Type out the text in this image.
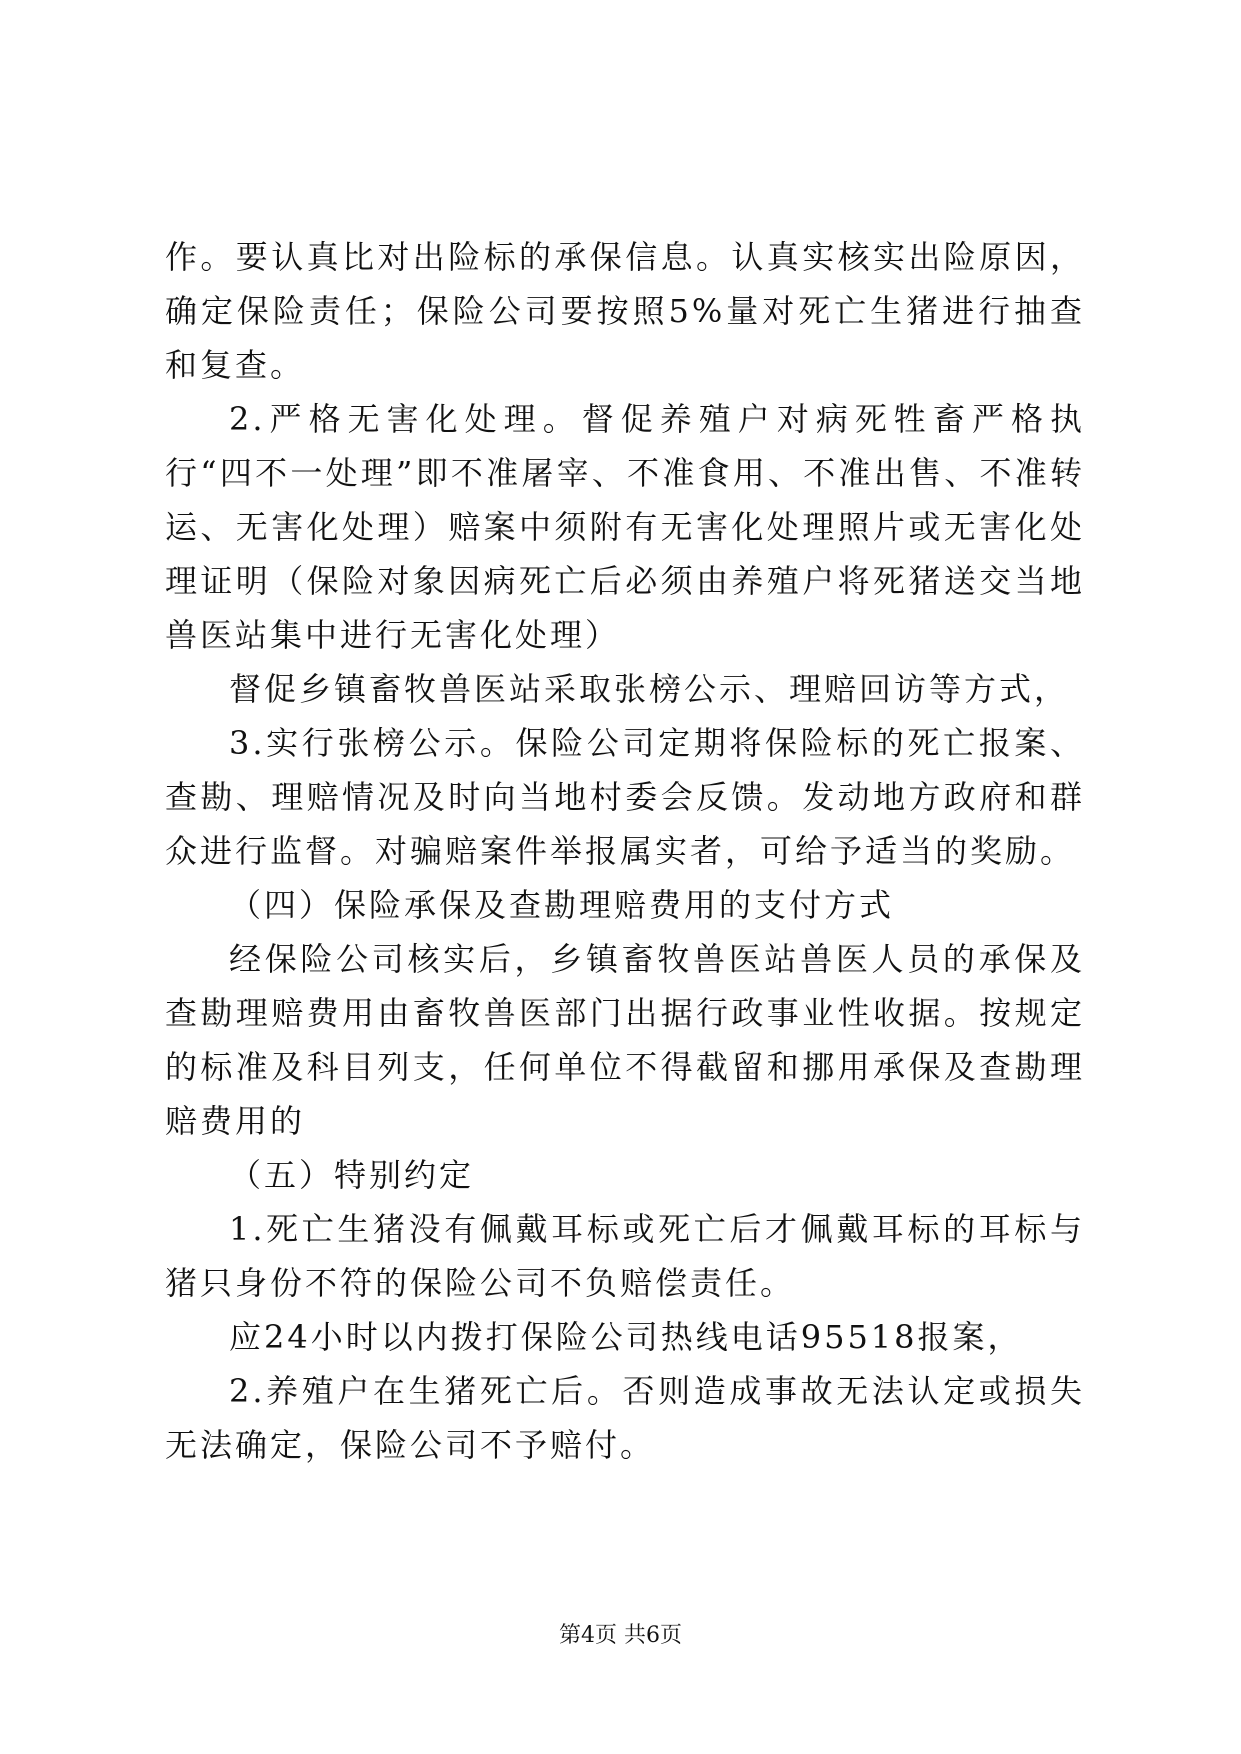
作。要认真比对出险标的承保信息。认真实核实出险原因，确定保险责任；保险公司要按照5%量对死亡生猪进行抽查和复查。

2.严格无害化处理。督促养殖户对病死牲畜严格执行“四不一处理”即不准屠宰、不准食用、不准出售、不准转运、无害化处理）赔案中须附有无害化处理照片或无害化处理证明（保险对象因病死亡后必须由养殖户将死猪送交当地兽医站集中进行无害化处理）

督促乡镇畜牧兽医站采取张榜公示、理赔回访等方式，

3.实行张榜公示。保险公司定期将保险标的死亡报案、查勘、理赔情况及时向当地村委会反馈。发动地方政府和群众进行监督。对骗赔案件举报属实者，可给予适当的奖励。

（四）保险承保及查勘理赔费用的支付方式

经保险公司核实后，乡镇畜牧兽医站兽医人员的承保及查勘理赔费用由畜牧兽医部门出据行政事业性收据。按规定的标准及科目列支，任何单位不得截留和挪用承保及查勘理赔费用的

（五）特别约定

1.死亡生猪没有佩戴耳标或死亡后才佩戴耳标的耳标与猪只身份不符的保险公司不负赔偿责任。

应24小时以内拨打保险公司热线电话95518报案，

2.养殖户在生猪死亡后。否则造成事故无法认定或损失无法确定，保险公司不予赔付。

第4页 共6页
